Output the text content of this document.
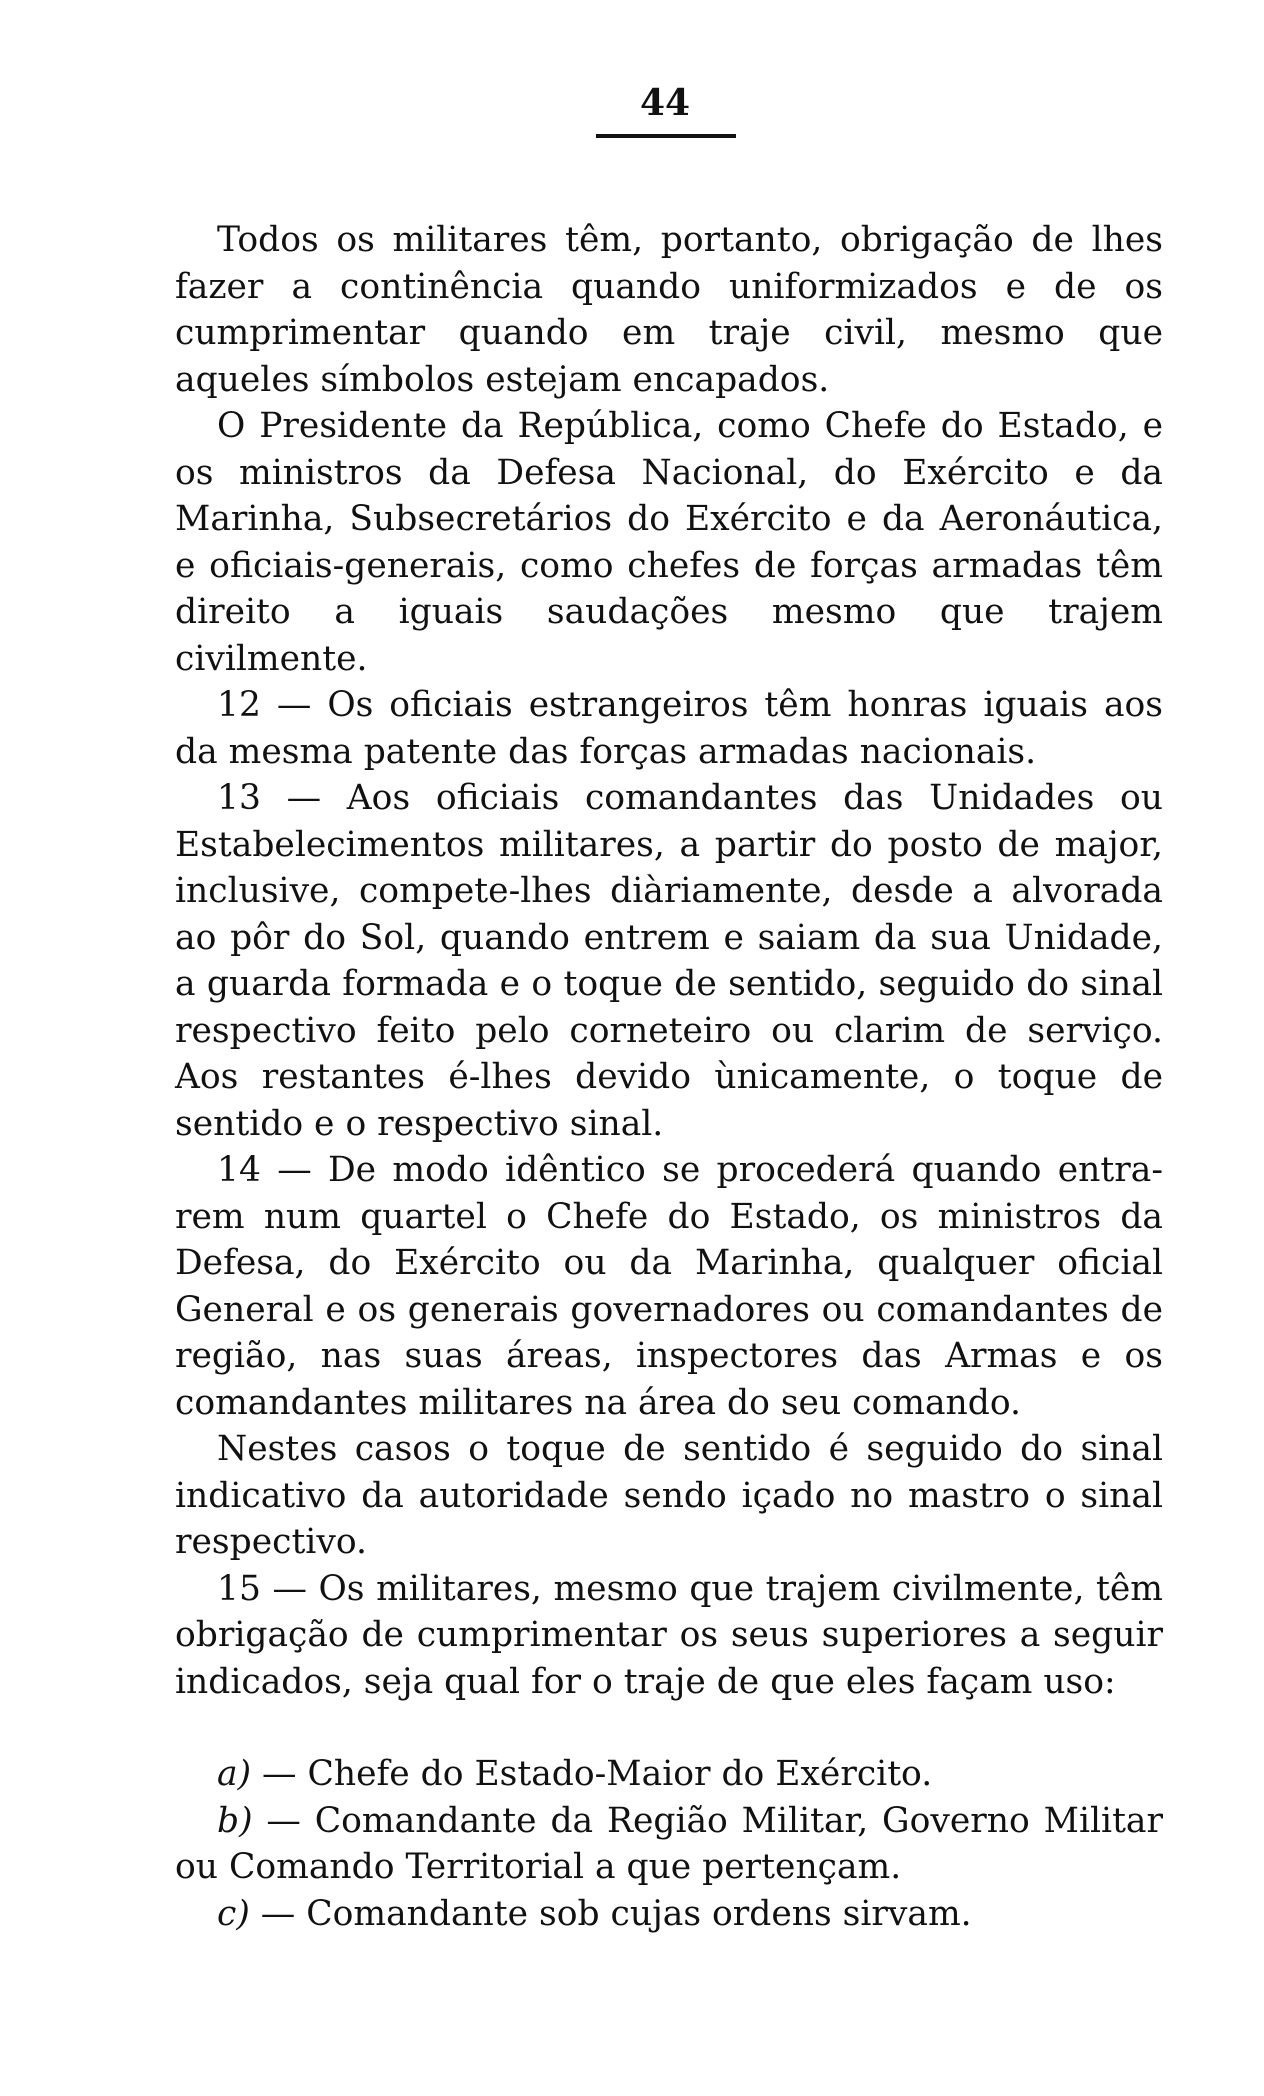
44

Todos os militares têm, portanto, obrigação de lhes fazer a continência quando uniformizados e de os cumprimentar quando em traje civil, mesmo que aqueles símbolos estejam encapados.

O Presidente da República, como Chefe do Estado, e os ministros da Defesa Nacional, do Exército e da Marinha, Subsecretários do Exército e da Aeronáutica, e oficiais-generais, como chefes de forças armadas têm direito a iguais saudações mesmo que trajem civilmente.

12 — Os oficiais estrangeiros têm honras iguais aos da mesma patente das forças armadas nacionais.

13 — Aos oficiais comandantes das Unidades ou Estabelecimentos militares, a partir do posto de major, inclusive, compete-lhes diàriamente, desde a alvorada ao pôr do Sol, quando entrem e saiam da sua Unidade, a guarda formada e o toque de sentido, seguido do sinal respectivo feito pelo corneteiro ou clarim de serviço. Aos restantes é-lhes devido ùnicamente, o toque de sentido e o respectivo sinal.

14 — De modo idêntico se procederá quando entrarem num quartel o Chefe do Estado, os ministros da Defesa, do Exército ou da Marinha, qualquer oficial General e os generais governadores ou comandantes de região, nas suas áreas, inspectores das Armas e os comandantes militares na área do seu comando.

Nestes casos o toque de sentido é seguido do sinal indicativo da autoridade sendo içado no mastro o sinal respectivo.

15 — Os militares, mesmo que trajem civilmente, têm obrigação de cumprimentar os seus superiores a seguir indicados, seja qual for o traje de que eles façam uso:

a) — Chefe do Estado-Maior do Exército.

b) — Comandante da Região Militar, Governo Militar ou Comando Territorial a que pertençam.

c) — Comandante sob cujas ordens sirvam.
